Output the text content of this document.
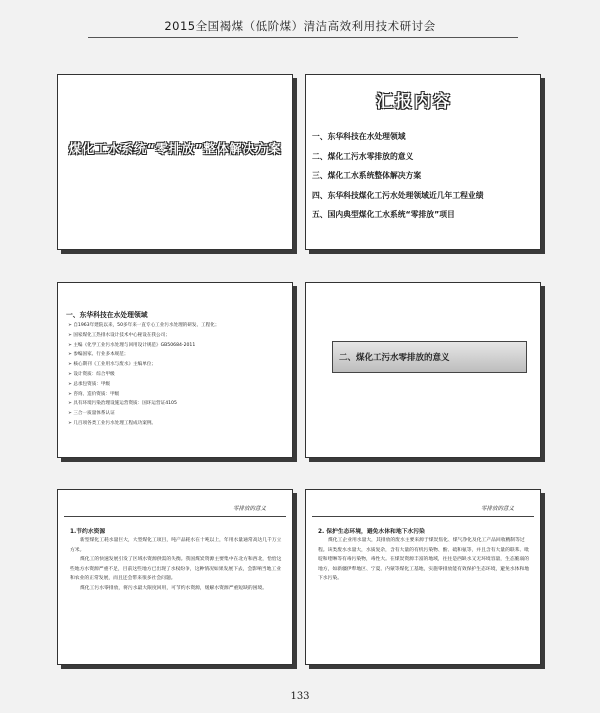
2015全国褐煤（低阶煤）清洁高效利用技术研讨会
煤化工水系统“零排放”整体解决方案
汇报内容
一、东华科技在水处理领域
二、煤化工污水零排放的意义
三、煤化工水系统整体解决方案
四、东华科技煤化工污水处理领域近几年工程业绩
五、国内典型煤化工水系统“零排放”项目
一、东华科技在水处理领域
➢ 自1963年建院以来，50多年来一直专心工业污水处理的研发、工程化；
➢ 国家煤化工热排水设计技术中心秘设在我公司；
➢ 主编《化学工业污水处理与回用设计规范》GB50684-2011
➢ 参编国家、行业多本规范；
➢ 核心期刊《工业用水与废水》主编单位；
➢ 设计资质：综合甲级
➢ 总承包资质：甲级
➢ 咨询、造价资质：甲级
➢ 具有环境污染治理设施运营资质：国环运营证4105
➢ 三合一质量体系认证
➢ 几百项各类工业污水处理工程成功案例。
二、煤化工污水零排放的意义
零排放的意义
1.节约水资源

新型煤化工耗水量巨大，大型煤化工项目，吨产品耗水在十吨以上，年用水量通常高达几千万立方米。

煤化工的快速发展引发了区域水资源供需的失衡。我国煤炭资源主要集中在北方和西北，恰恰这些地方水资源严重不足，目前这些地方已出现了水权纷争，这种情况如果发展下去，会影响当地工业和农业的正常发展，而且还会带来很多社会问题。

煤化工污水零排放，将污水最大限度回用，可节约水资源，缓解水资源严重短缺的困境。

零排放的意义
2. 保护生态环境，避免水体和地下水污染

煤化工企业用水量大，其排放的废水主要来源于煤炭焦化、煤气净化及化工产品回收精制等过程。该类废水水量大，水质复杂，含有大量的有机污染物、酚、硫和氨等，并且含有大量的联苯、吡啶和喹啉等有毒污染物，毒性大。在煤炭资源丰富的地域，往往是西缺水又无环境容量，生态脆弱的地方，如新疆伊犁地区、宁夏、内蒙等煤化工基地，实施零排放能有效保护生态环境，避免水体和地下水污染。

133
